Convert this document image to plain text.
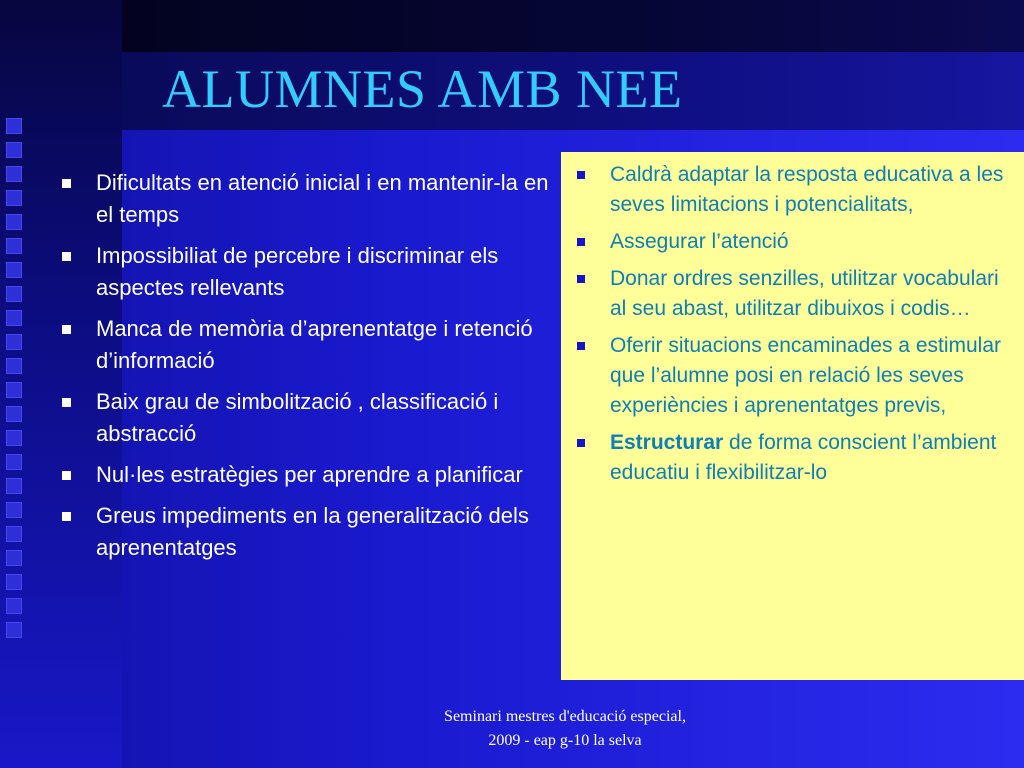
ALUMNES AMB NEE
Dificultats en atenció inicial i en mantenir-la en el temps
Impossibiliat de percebre i discriminar els aspectes rellevants
Manca de memòria d’aprenentatge i retenció d’informació
Baix grau de simbolització , classificació i abstracció
Nul·les estratègies per aprendre a planificar
Greus impediments en la generalització dels aprenentatges
Caldrà adaptar la resposta educativa a les seves limitacions i potencialitats,
Assegurar l’atenció
Donar ordres senzilles, utilitzar vocabulari al seu abast, utilitzar dibuixos i codis…
Oferir situacions encaminades a estimular que l’alumne posi en relació les seves experiències i aprenentatges previs,
Estructurar de forma conscient l’ambient educatiu i flexibilitzar-lo
Seminari mestres d'educació especial,
2009 - eap g-10 la selva
